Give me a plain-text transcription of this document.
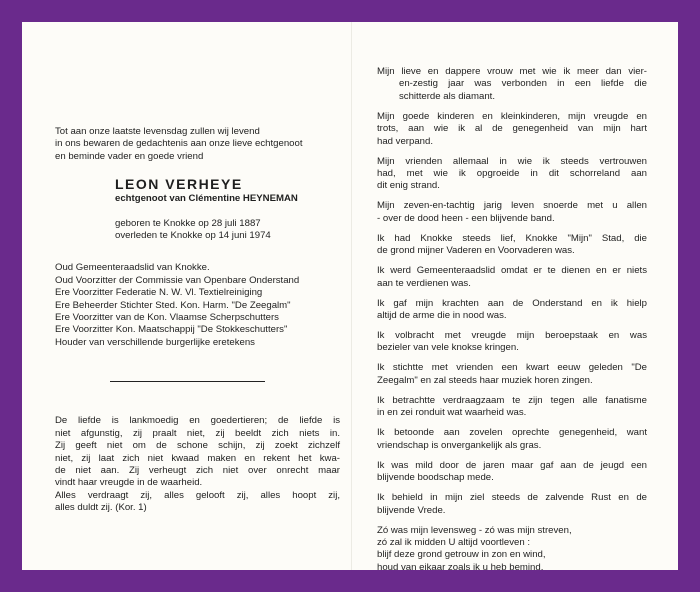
Tot aan onze laatste levensdag zullen wij levend
in ons bewaren de gedachtenis aan onze lieve echtgenoot
en beminde vader en goede vriend
LEON VERHEYE
echtgenoot van Clémentine HEYNEMAN
geboren te Knokke op 28 juli 1887
overleden te Knokke op 14 juni 1974
Oud Gemeenteraadslid van Knokke.
Oud Voorzitter der Commissie van Openbare Onderstand
Ere Voorzitter Federatie N. W. Vl. Textielreiniging
Ere Beheerder Stichter Sted. Kon. Harm. "De Zeegalm"
Ere Voorzitter van de Kon. Vlaamse Scherpschutters
Ere Voorzitter Kon. Maatschappij "De Stokkeschutters"
Houder van verschillende burgerlijke eretekens
De liefde is lankmoedig en goedertieren; de liefde is
niet afgunstig, zij praalt niet, zij beeldt zich niets in.
Zij geeft niet om de schone schijn, zij zoekt zichzelf
niet, zij laat zich niet kwaad maken en rekent het kwa-
de niet aan. Zij verheugt zich niet over onrecht maar
vindt haar vreugde in de waarheid.
Alles verdraagt zij, alles gelooft zij, alles hoopt zij,
alles duldt zij. (Kor. 1)
Mijn lieve en dappere vrouw met wie ik meer dan vier-
en-zestig jaar was verbonden in een liefde die
schitterde als diamant.
Mijn goede kinderen en kleinkinderen, mijn vreugde en
trots, aan wie ik al de genegenheid van mijn hart
had verpand.
Mijn vrienden allemaal in wie ik steeds vertrouwen
had, met wie ik opgroeide in dit schorreland aan
dit enig strand.
Mijn zeven-en-tachtig jarig leven snoerde met u allen
- over de dood heen - een blijvende band.
Ik had Knokke steeds lief, Knokke "Mijn" Stad, die
de grond mijner Vaderen en Voorvaderen was.
Ik werd Gemeenteraadslid omdat er te dienen en er niets
aan te verdienen was.
Ik gaf mijn krachten aan de Onderstand en ik hielp
altijd de arme die in nood was.
Ik volbracht met vreugde mijn beroepstaak en was
bezieler van vele knokse kringen.
Ik stichtte met vrienden een kwart eeuw geleden "De
Zeegalm" en zal steeds haar muziek horen zingen.
Ik betrachtte verdraagzaam te zijn tegen alle fanatisme
in en zei ronduit wat waarheid was.
Ik betoonde aan zovelen oprechte genegenheid, want
vriendschap is onvergankelijk als gras.
Ik was mild door de jaren maar gaf aan de jeugd een
blijvende boodschap mede.
Ik behield in mijn ziel steeds de zalvende Rust en de
blijvende Vrede.
Zó was mijn levensweg - zó was mijn streven,
zó zal ik midden U altijd voortleven :
blijf deze grond getrouw in zon en wind,
houd van eikaar zoals ik u heb bemind.
